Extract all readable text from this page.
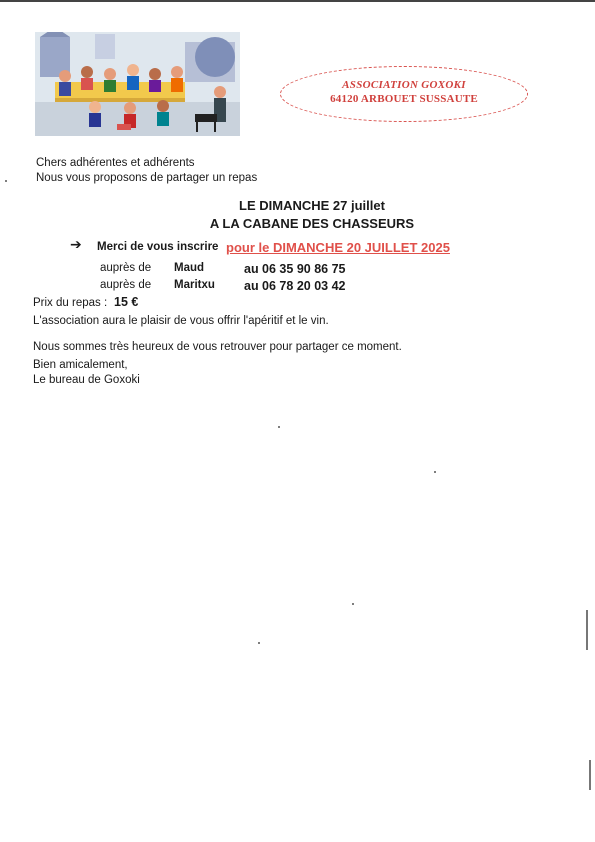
ASSOCIATION GOXOKI
64120 ARBOUET SUSSAUTE
Chers adhérentes et adhérents
Nous vous proposons de partager un repas
LE DIMANCHE 27 juillet
A LA CABANE DES CHASSEURS
➔ Merci de vous inscrire pour le DIMANCHE 20 JUILLET 2025
auprès de Maud	au 06 35 90 86 75
auprès de Maritxu au 06 78 20 03 42
Prix du repas : 15 €
L'association aura le plaisir de vous offrir l'apéritif et le vin.
Nous sommes très heureux de vous retrouver pour partager ce moment.
Bien amicalement,
Le bureau de Goxoki
